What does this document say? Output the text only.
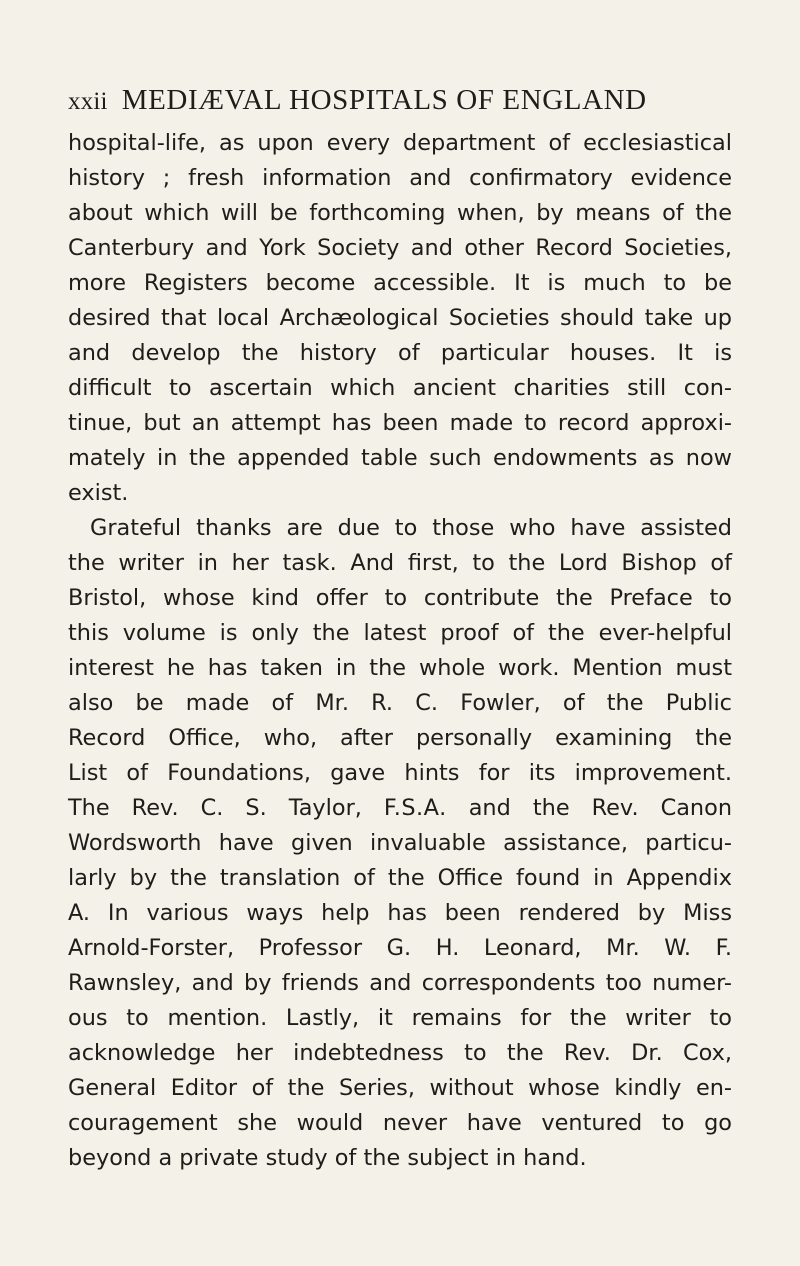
xxii MEDIÆVAL HOSPITALS OF ENGLAND
hospital-life, as upon every department of ecclesiastical
history ; fresh information and confirmatory evidence
about which will be forthcoming when, by means of the
Canterbury and York Society and other Record Societies,
more Registers become accessible. It is much to be
desired that local Archæological Societies should take up
and develop the history of particular houses. It is
difficult to ascertain which ancient charities still con-
tinue, but an attempt has been made to record approxi-
mately in the appended table such endowments as now
exist.
Grateful thanks are due to those who have assisted
the writer in her task. And first, to the Lord Bishop of
Bristol, whose kind offer to contribute the Preface to
this volume is only the latest proof of the ever-helpful
interest he has taken in the whole work. Mention must
also be made of Mr. R. C. Fowler, of the Public
Record Office, who, after personally examining the
List of Foundations, gave hints for its improvement.
The Rev. C. S. Taylor, F.S.A. and the Rev. Canon
Wordsworth have given invaluable assistance, particu-
larly by the translation of the Office found in Appendix
A. In various ways help has been rendered by Miss
Arnold-Forster, Professor G. H. Leonard, Mr. W. F.
Rawnsley, and by friends and correspondents too numer-
ous to mention. Lastly, it remains for the writer to
acknowledge her indebtedness to the Rev. Dr. Cox,
General Editor of the Series, without whose kindly en-
couragement she would never have ventured to go
beyond a private study of the subject in hand.
